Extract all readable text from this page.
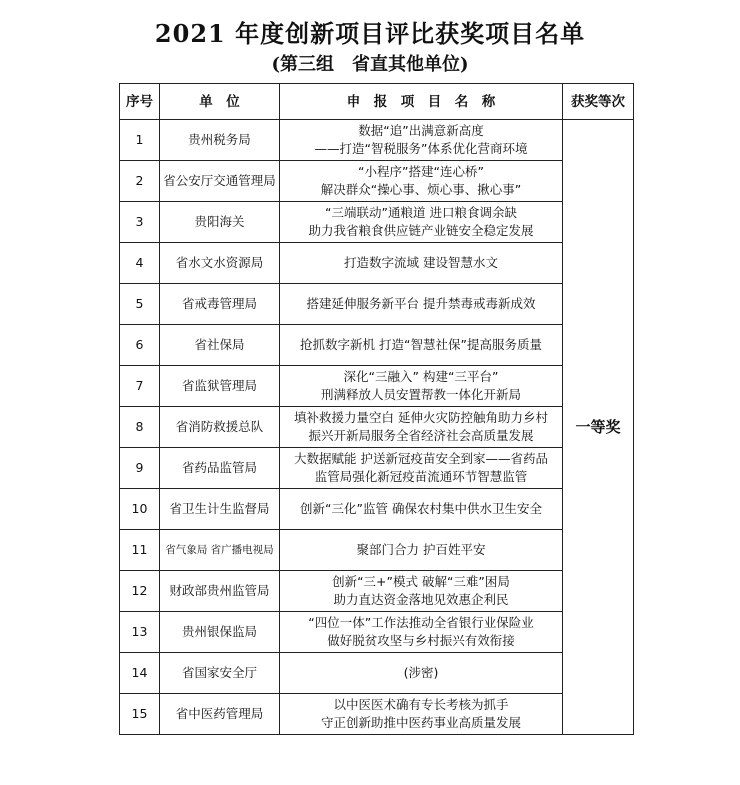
2021 年度创新项目评比获奖项目名单
(第三组　省直其他单位)
序号	单　位	申　报　项　目　名　称	获奖等次
1	贵州税务局	数据“追”出满意新高度
——打造“智税服务”体系优化营商环境	一等奖
2	省公安厅交通管理局	“小程序”搭建“连心桥”
解决群众“操心事、烦心事、揪心事”	

3	贵阳海关	“三端联动”通粮道 进口粮食调余缺
助力我省粮食供应链产业链安全稳定发展	

4	省水文水资源局	打造数字流域 建设智慧水文	

5	省戒毒管理局	搭建延伸服务新平台 提升禁毒戒毒新成效	

6	省社保局	抢抓数字新机 打造“智慧社保”提高服务质量	

7	省监狱管理局	深化“三融入” 构建“三平台”
刑满释放人员安置帮教一体化开新局	

8	省消防救援总队	填补救援力量空白 延伸火灾防控触角助力乡村
振兴开新局服务全省经济社会高质量发展	

9	省药品监管局	大数据赋能 护送新冠疫苗安全到家——省药品
监管局强化新冠疫苗流通环节智慧监管	

10	省卫生计生监督局	创新“三化”监管 确保农村集中供水卫生安全	

11	省气象局 省广播电视局	聚部门合力 护百姓平安	

12	财政部贵州监管局	创新“三+”模式 破解“三难”困局
助力直达资金落地见效惠企利民	

13	贵州银保监局	“四位一体”工作法推动全省银行业保险业
做好脱贫攻坚与乡村振兴有效衔接	

14	省国家安全厅	(涉密)	

15	省中医药管理局	以中医医术确有专长考核为抓手
守正创新助推中医药事业高质量发展	
